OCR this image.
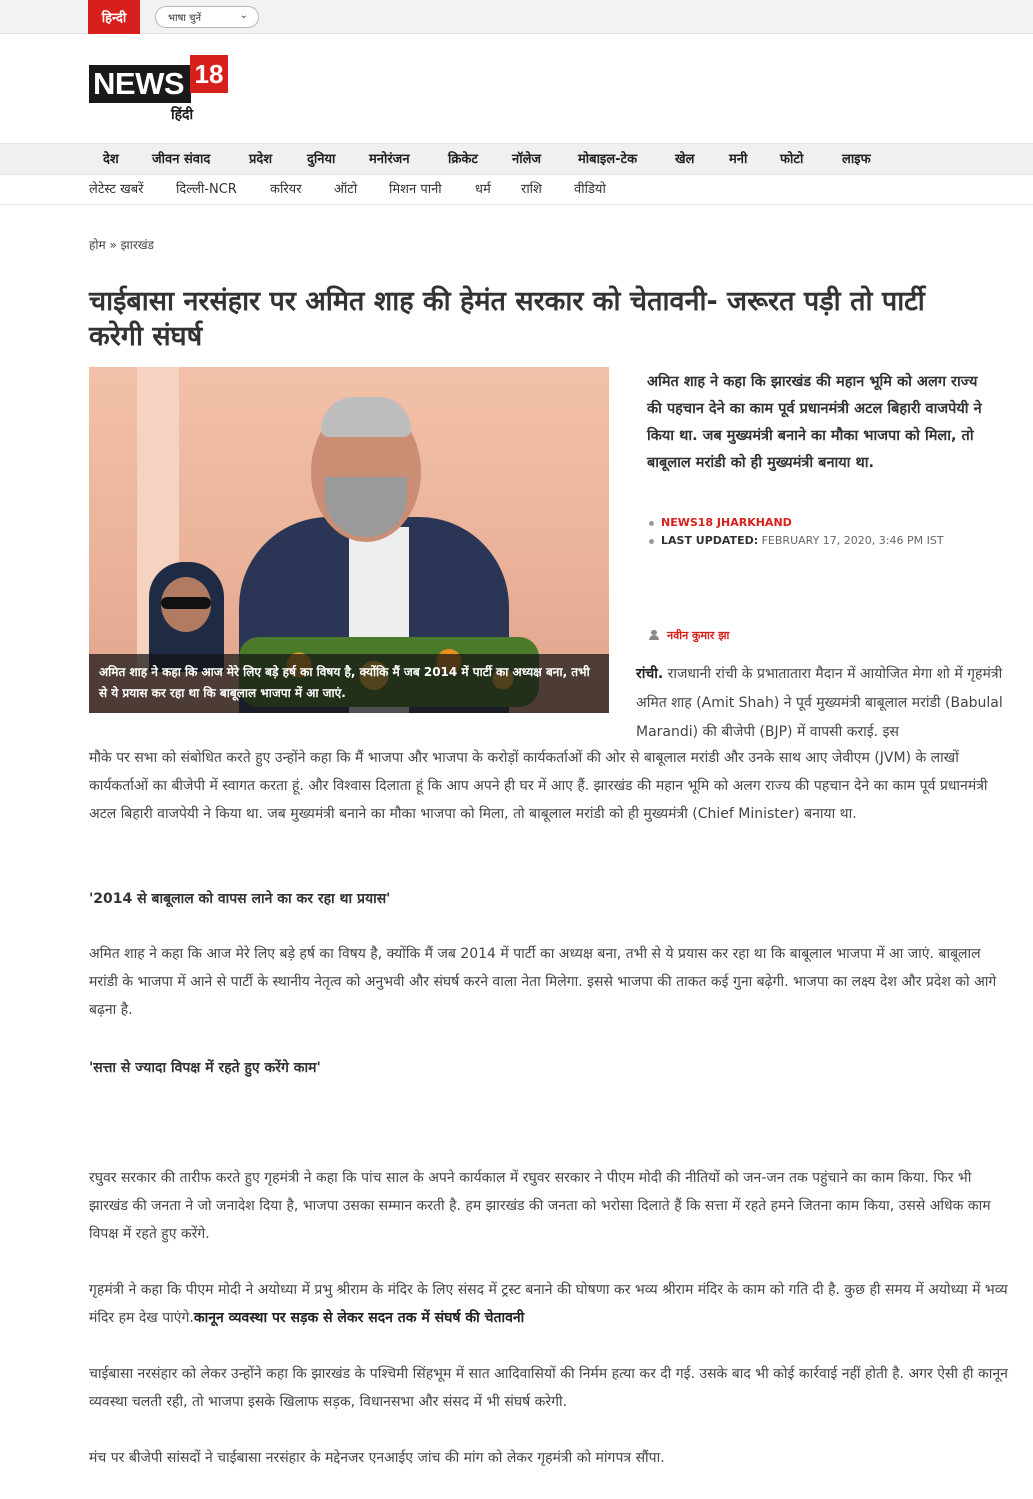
हिन्दी	भाषा चुनें	⌄
NEWS 18
हिंदी
देश	जीवन संवाद	प्रदेश	दुनिया	मनोरंजन	क्रिकेट	नॉलेज	मोबाइल-टेक	खेल	मनी	फोटो	लाइफ
लेटेस्ट खबरें	दिल्ली-NCR	करियर ऑटो मिशन पानी	धर्म राशि वीडियो
होम » झारखंड
चाईबासा नरसंहार पर अमित शाह की हेमंत सरकार को चेतावनी- जरूरत पड़ी तो पार्टी करेगी संघर्ष
अमित शाह ने कहा कि आज मेरे लिए बड़े हर्ष का विषय है, क्योंकि मैं जब 2014 में पार्टी का अध्यक्ष बना, तभी से ये प्रयास कर रहा था कि बाबूलाल भाजपा में आ जाएं.
अमित शाह ने कहा कि झारखंड की महान भूमि को अलग राज्य की पहचान देने का काम पूर्व प्रधानमंत्री अटल बिहारी वाजपेयी ने किया था. जब मुख्यमंत्री बनाने का मौका भाजपा को मिला, तो बाबूलाल मरांडी को ही मुख्यमंत्री बनाया था.
NEWS18 JHARKHAND
LAST UPDATED: FEBRUARY 17, 2020, 3:46 PM IST
नवीन कुमार झा

रांची. राजधानी रांची के प्रभातातारा मैदान में आयोजित मेगा शो में गृहमंत्री अमित शाह (Amit Shah) ने पूर्व मुख्यमंत्री बाबूलाल मरांडी (Babulal Marandi) की बीजेपी (BJP) में वापसी कराई. इस

मौके पर सभा को संबोधित करते हुए उन्होंने कहा कि मैं भाजपा और भाजपा के करोड़ों कार्यकर्ताओं की ओर से बाबूलाल मरांडी और उनके साथ आए जेवीएम (JVM) के लाखों कार्यकर्ताओं का बीजेपी में स्वागत करता हूं. और विश्वास दिलाता हूं कि आप अपने ही घर में आए हैं. झारखंड की महान भूमि को अलग राज्य की पहचान देने का काम पूर्व प्रधानमंत्री अटल बिहारी वाजपेयी ने किया था. जब मुख्यमंत्री बनाने का मौका भाजपा को मिला, तो बाबूलाल मरांडी को ही मुख्यमंत्री (Chief Minister) बनाया था.

'2014 से बाबूलाल को वापस लाने का कर रहा था प्रयास'

अमित शाह ने कहा कि आज मेरे लिए बड़े हर्ष का विषय है, क्योंकि मैं जब 2014 में पार्टी का अध्यक्ष बना, तभी से ये प्रयास कर रहा था कि बाबूलाल भाजपा में आ जाएं. बाबूलाल मरांडी के भाजपा में आने से पार्टी के स्थानीय नेतृत्व को अनुभवी और संघर्ष करने वाला नेता मिलेगा. इससे भाजपा की ताकत कई गुना बढ़ेगी. भाजपा का लक्ष्य देश और प्रदेश को आगे बढ़ना है.

'सत्ता से ज्यादा विपक्ष में रहते हुए करेंगे काम'

रघुवर सरकार की तारीफ करते हुए गृहमंत्री ने कहा कि पांच साल के अपने कार्यकाल में रघुवर सरकार ने पीएम मोदी की नीतियों को जन-जन तक पहुंचाने का काम किया. फिर भी झारखंड की जनता ने जो जनादेश दिया है, भाजपा उसका सम्मान करती है. हम झारखंड की जनता को भरोसा दिलाते हैं कि सत्ता में रहते हमने जितना काम किया, उससे अधिक काम विपक्ष में रहते हुए करेंगे.

गृहमंत्री ने कहा कि पीएम मोदी ने अयोध्या में प्रभु श्रीराम के मंदिर के लिए संसद में ट्रस्ट बनाने की घोषणा कर भव्य श्रीराम मंदिर के काम को गति दी है. कुछ ही समय में अयोध्या में भव्य मंदिर हम देख पाएंगे.कानून व्यवस्था पर सड़क से लेकर सदन तक में संघर्ष की चेतावनी

चाईबासा नरसंहार को लेकर उन्होंने कहा कि झारखंड के पश्चिमी सिंहभूम में सात आदिवासियों की निर्मम हत्या कर दी गई. उसके बाद भी कोई कार्रवाई नहीं होती है. अगर ऐसी ही कानून व्यवस्था चलती रही, तो भाजपा इसके खिलाफ सड़क, विधानसभा और संसद में भी संघर्ष करेगी.

मंच पर बीजेपी सांसदों ने चाईबासा नरसंहार के मद्देनजर एनआईए जांच की मांग को लेकर गृहमंत्री को मांगपत्र सौंपा.
